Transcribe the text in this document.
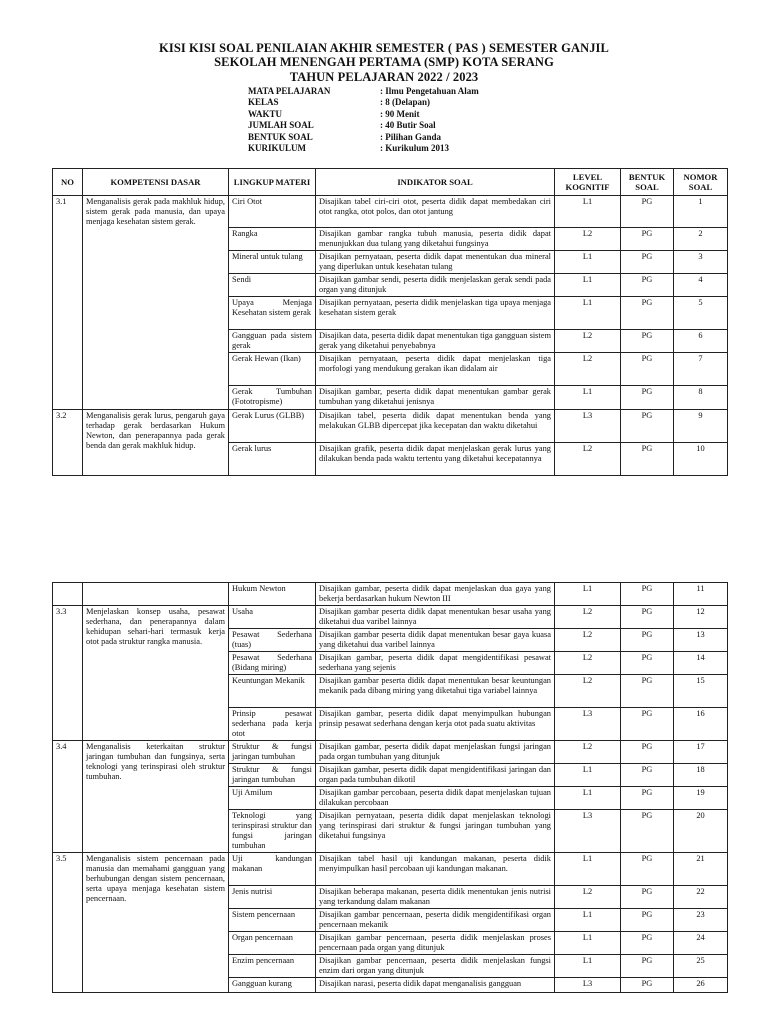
KISI KISI SOAL PENILAIAN AKHIR SEMESTER ( PAS ) SEMESTER GANJIL
SEKOLAH MENENGAH PERTAMA (SMP) KOTA SERANG
TAHUN PELAJARAN 2022 / 2023
MATA PELAJARAN	: Ilmu Pengetahuan Alam
KELAS	: 8 (Delapan)
WAKTU	: 90 Menit
JUMLAH SOAL	: 40 Butir Soal
BENTUK SOAL	: Pilihan Ganda
KURIKULUM	: Kurikulum 2013
NO	KOMPETENSI DASAR	LINGKUP MATERI	INDIKATOR SOAL	LEVEL KOGNITIF	BENTUK SOAL	NOMOR SOAL
3.1	Menganalisis gerak pada makhluk hidup, sistem gerak pada manusia, dan upaya menjaga kesehatan sistem gerak.	Ciri Otot	Disajikan tabel ciri-ciri otot, peserta didik dapat membedakan ciri otot rangka, otot polos, dan otot jantung	L1	PG	1
		Rangka	Disajikan gambar rangka tubuh manusia, peserta didik dapat menunjukkan dua tulang yang diketahui fungsinya	L2	PG	2
		Mineral untuk tulang	Disajikan pernyataan, peserta didik dapat menentukan dua mineral yang diperlukan untuk kesehatan tulang	L1	PG	3
		Sendi	Disajikan gambar sendi, peserta didik menjelaskan gerak sendi pada organ yang ditunjuk	L1	PG	4
		Upaya Menjaga Kesehatan sistem gerak	Disajikan pernyataan, peserta didik menjelaskan tiga upaya menjaga kesehatan sistem gerak	L1	PG	5
		Gangguan pada sistem gerak	Disajikan data, peserta didik dapat menentukan tiga gangguan sistem gerak yang diketahui penyebabnya	L2	PG	6
		Gerak Hewan (Ikan)	Disajikan pernyataan, peserta didik dapat menjelaskan tiga morfologi yang mendukung gerakan ikan didalam air	L2	PG	7
		Gerak Tumbuhan (Fototropisme)	Disajikan gambar, peserta didik dapat menentukan gambar gerak tumbuhan yang diketahui jenisnya	L1	PG	8
3.2	Menganalisis gerak lurus, pengaruh gaya terhadap gerak berdasarkan Hukum Newton, dan penerapannya pada gerak benda dan gerak makhluk hidup.	Gerak Lurus (GLBB)	Disajikan tabel, peserta didik dapat menentukan benda yang melakukan GLBB dipercepat jika kecepatan dan waktu diketahui	L3	PG	9
		Gerak lurus	Disajikan grafik, peserta didik dapat menjelaskan gerak lurus yang dilakukan benda pada waktu tertentu yang diketahui kecepatannya	L2	PG	10
		Hukum Newton	Disajikan gambar, peserta didik dapat menjelaskan dua gaya yang bekerja berdasarkan hukum Newton III	L1	PG	11
3.3	Menjelaskan konsep usaha, pesawat sederhana, dan penerapannya dalam kehidupan sehari-hari termasuk kerja otot pada struktur rangka manusia.	Usaha	Disajikan gambar peserta didik dapat menentukan besar usaha yang diketahui dua varibel lainnya	L2	PG	12
		Pesawat Sederhana (tuas)	Disajikan gambar peserta didik dapat menentukan besar gaya kuasa yang diketahui dua varibel lainnya	L2	PG	13
		Pesawat Sederhana (Bidang miring)	Disajikan gambar, peserta didik dapat mengidentifikasi pesawat sederhana yang sejenis	L2	PG	14
		Keuntungan Mekanik	Disajikan gambar peserta didik dapat menentukan besar keuntungan mekanik pada dibang miring yang diketahui tiga variabel lainnya	L2	PG	15
		Prinsip pesawat sederhana pada kerja otot	Disajikan gambar, peserta didik dapat menyimpulkan hubungan prinsip pesawat sederhana dengan kerja otot pada suatu aktivitas	L3	PG	16
3.4	Menganalisis keterkaitan struktur jaringan tumbuhan dan fungsinya, serta teknologi yang terinspirasi oleh struktur tumbuhan.	Struktur & fungsi jaringan tumbuhan	Disajikan gambar, peserta didik dapat menjelaskan fungsi jaringan pada organ tumbuhan yang ditunjuk	L2	PG	17
		Struktur & fungsi jaringan tumbuhan	Disajikan gambar, peserta didik dapat mengidentifikasi jaringan dan organ pada tumbuhan dikotil	L1	PG	18
		Uji Amilum	Disajikan gambar percobaan, peserta didik dapat menjelaskan tujuan dilakukan percobaan	L1	PG	19
		Teknologi yang terinspirasi struktur dan fungsi jaringan tumbuhan	Disajikan pernyataan, peserta didik dapat menjelaskan teknologi yang terinspirasi dari struktur & fungsi jaringan tumbuhan yang diketahui fungsinya	L3	PG	20
3.5	Menganalisis sistem pencernaan pada manusia dan memahami gangguan yang berhubungan dengan sistem pencernaan, serta upaya menjaga kesehatan sistem pencernaan.	Uji kandungan makanan	Disajikan tabel hasil uji kandungan makanan, peserta didik menyimpulkan hasil percobaan uji kandungan makanan.	L1	PG	21
		Jenis nutrisi	Disajikan beberapa makanan, peserta didik menentukan jenis nutrisi yang terkandung dalam makanan	L2	PG	22
		Sistem pencernaan	Disajikan gambar pencernaan, peserta didik mengidentifikasi organ pencernaan mekanik	L1	PG	23
		Organ pencernaan	Disajikan gambar pencernaan, peserta didik menjelaskan proses pencernaan pada organ yang ditunjuk	L1	PG	24
		Enzim pencernaan	Disajikan gambar pencernaan, peserta didik menjelaskan fungsi enzim dari organ yang ditunjuk	L1	PG	25
		Gangguan kurang	Disajikan narasi, peserta didik dapat menganalisis gangguan	L3	PG	26
